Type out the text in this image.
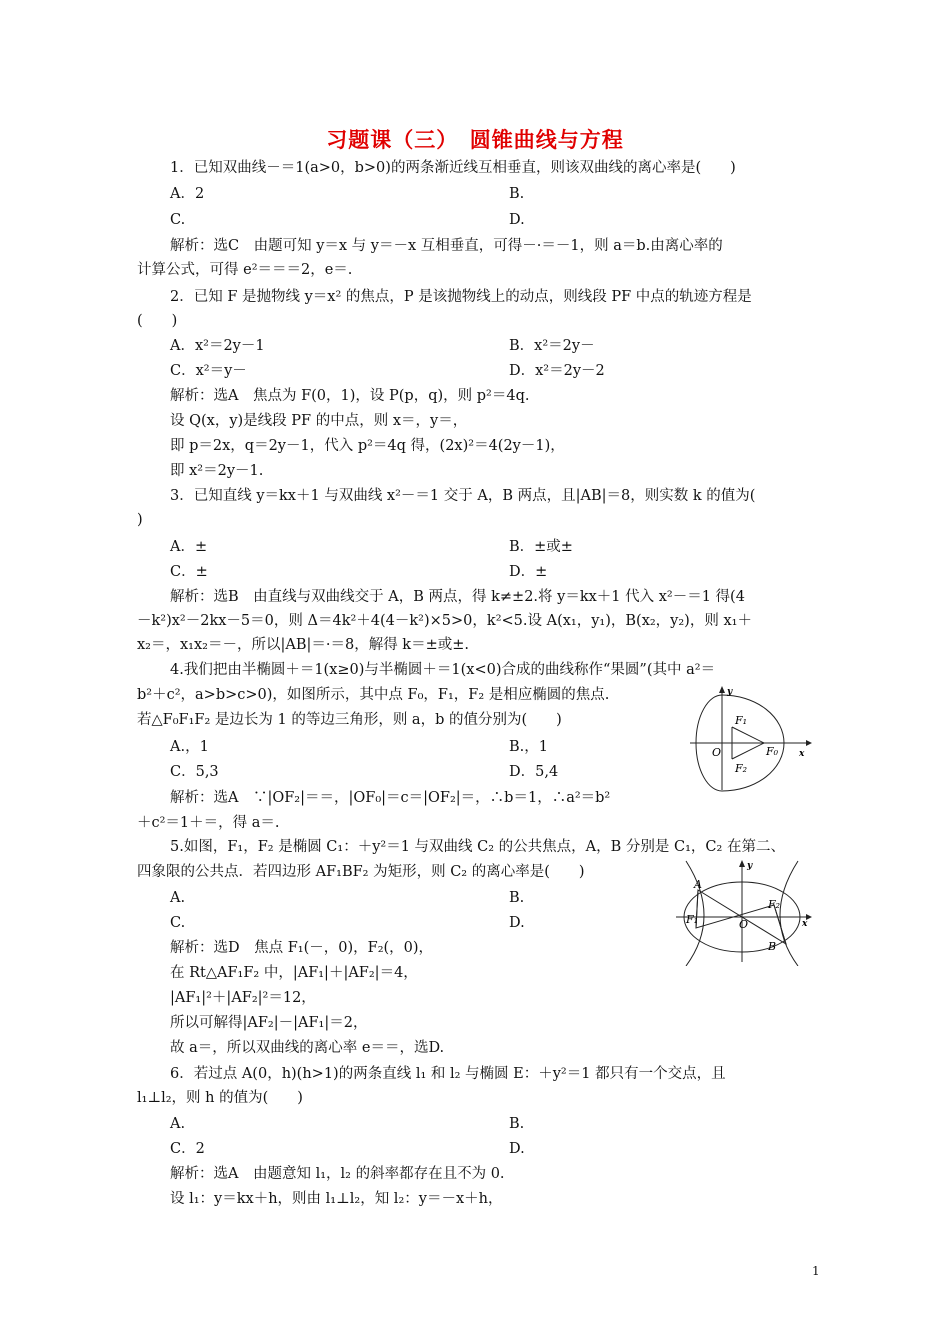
习题课（三）　圆锥曲线与方程
1．已知双曲线－＝1(a>0，b>0)的两条渐近线互相垂直，则该双曲线的离心率是(　　)
A．2	B.
C.	D.
解析：选C　由题可知 y＝x 与 y＝－x 互相垂直，可得－·＝－1，则 a＝b.由离心率的
计算公式，可得 e²＝＝＝2，e＝.
2．已知 F 是抛物线 y＝x² 的焦点，P 是该抛物线上的动点，则线段 PF 中点的轨迹方程是
(　　)
A．x²＝2y－1	B．x²＝2y－
C．x²＝y－	D．x²＝2y－2
解析：选A　焦点为 F(0，1)，设 P(p，q)，则 p²＝4q.
设 Q(x，y)是线段 PF 的中点，则 x＝，y＝，
即 p＝2x，q＝2y－1，代入 p²＝4q 得，(2x)²＝4(2y－1)，
即 x²＝2y－1.
3．已知直线 y＝kx＋1 与双曲线 x²－＝1 交于 A，B 两点，且|AB|＝8，则实数 k 的值为(
)
A．±	B．±或±
C．±	D．±
解析：选B　由直线与双曲线交于 A，B 两点，得 k≠±2.将 y＝kx＋1 代入 x²－＝1 得(4
－k²)x²－2kx－5＝0，则 Δ＝4k²＋4(4－k²)×5>0，k²<5.设 A(x₁，y₁)，B(x₂，y₂)，则 x₁＋
x₂＝，x₁x₂＝－，所以|AB|＝·＝8，解得 k＝±或±.
4.我们把由半椭圆＋＝1(x≥0)与半椭圆＋＝1(x<0)合成的曲线称作“果圆”(其中 a²＝
b²＋c²，a>b>c>0)，如图所示，其中点 F₀，F₁，F₂ 是相应椭圆的焦点.
若△F₀F₁F₂ 是边长为 1 的等边三角形，则 a，b 的值分别为(　　)
A.，1	B.，1
C．5,3	D．5,4
解析：选A　∵|OF₂|＝＝，|OF₀|＝c＝|OF₂|＝，∴b＝1，∴a²＝b²
＋c²＝1＋＝，得 a＝.
y
F₁
O	F₀
F₂
x
5.如图，F₁，F₂ 是椭圆 C₁：＋y²＝1 与双曲线 C₂ 的公共焦点，A，B 分别是 C₁，C₂ 在第二、
四象限的公共点．若四边形 AF₁BF₂ 为矩形，则 C₂ 的离心率是(　　)
A.	B.
C.	D.
解析：选D　焦点 F₁(－，0)，F₂(，0)，
在 Rt△AF₁F₂ 中，|AF₁|＋|AF₂|＝4，
|AF₁|²＋|AF₂|²＝12，
所以可解得|AF₂|－|AF₁|＝2，
故 a＝，所以双曲线的离心率 e＝＝，选D.
y
A
F₂
F₁	O	x
B
6．若过点 A(0，h)(h>1)的两条直线 l₁ 和 l₂ 与椭圆 E：＋y²＝1 都只有一个交点，且
l₁⊥l₂，则 h 的值为(　　)
A.	B.
C．2	D.
解析：选A　由题意知 l₁，l₂ 的斜率都存在且不为 0.
设 l₁：y＝kx＋h，则由 l₁⊥l₂，知 l₂：y＝－x＋h，
1
